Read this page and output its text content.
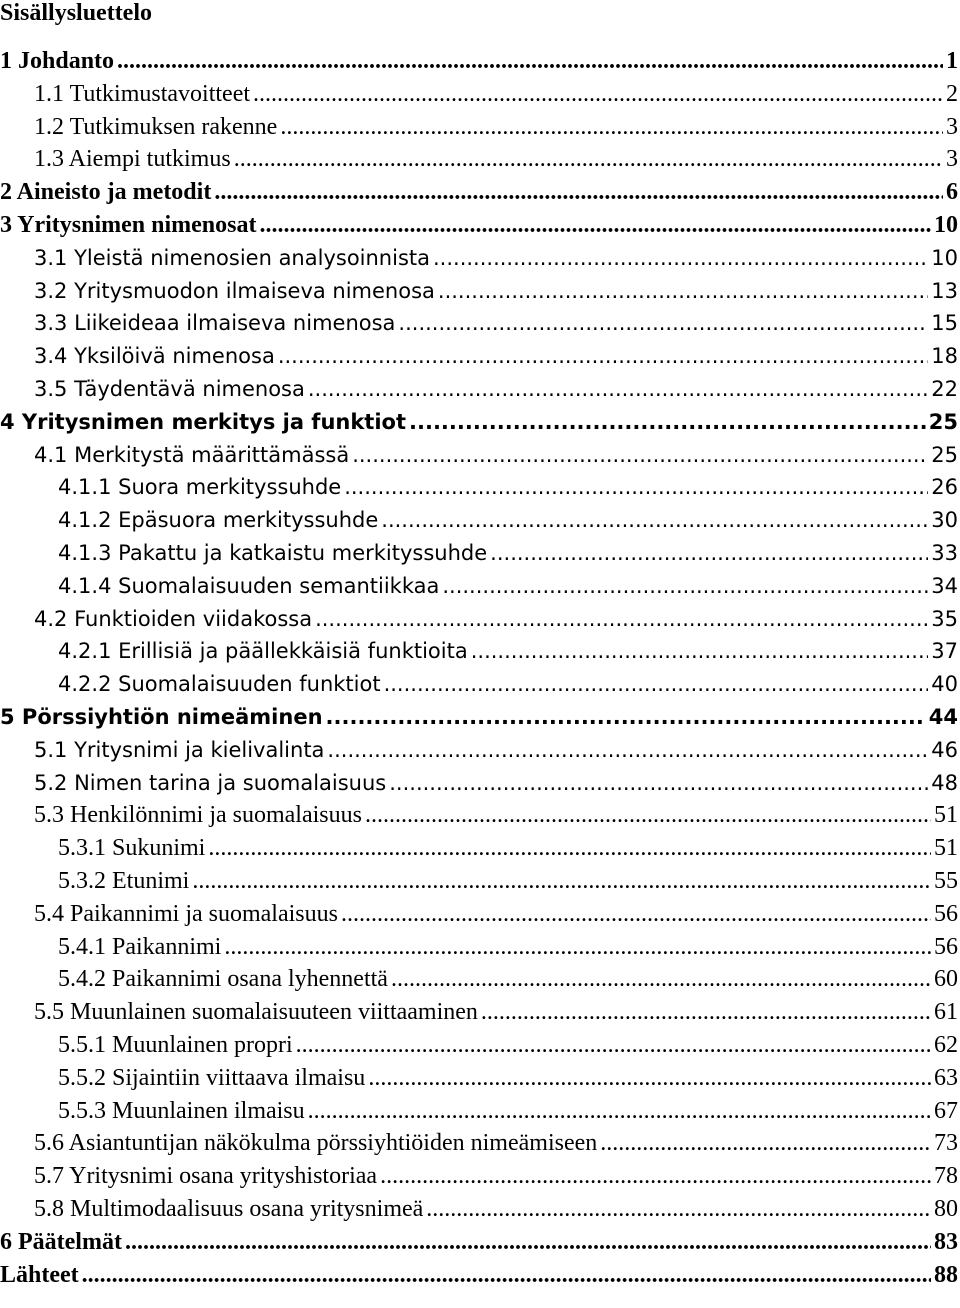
Sisällysluettelo
1 Johdanto .....	1
1.1 Tutkimustavoitteet .....	2
1.2 Tutkimuksen rakenne .....	3
1.3 Aiempi tutkimus .....	3
2 Aineisto ja metodit .....	6
3 Yritysnimen nimenosat .....	10
3.1 Yleistä nimenosien analysoinnista .....	10
3.2 Yritysmuodon ilmaiseva nimenosa .....	13
3.3 Liikeideaa ilmaiseva nimenosa .....	15
3.4 Yksilöivä nimenosa .....	18
3.5 Täydentävä nimenosa .....	22
4 Yritysnimen merkitys ja funktiot .....	25
4.1 Merkitystä määrittämässä .....	25
4.1.1 Suora merkityssuhde .....	26
4.1.2 Epäsuora merkityssuhde .....	30
4.1.3 Pakattu ja katkaistu merkityssuhde .....	33
4.1.4 Suomalaisuuden semantiikkaa .....	34
4.2 Funktioiden viidakossa .....	35
4.2.1 Erillisiä ja päällekkäisiä funktioita .....	37
4.2.2 Suomalaisuuden funktiot .....	40
5 Pörssiyhtiön nimeäminen .....	44
5.1 Yritysnimi ja kielivalinta .....	46
5.2 Nimen tarina ja suomalaisuus .....	48
5.3 Henkilönnimi ja suomalaisuus .....	51
5.3.1 Sukunimi .....	51
5.3.2 Etunimi .....	55
5.4 Paikannimi ja suomalaisuus .....	56
5.4.1 Paikannimi .....	56
5.4.2 Paikannimi osana lyhennettä .....	60
5.5 Muunlainen suomalaisuuteen viittaaminen .....	61
5.5.1 Muunlainen propri .....	62
5.5.2 Sijaintiin viittaava ilmaisu .....	63
5.5.3 Muunlainen ilmaisu .....	67
5.6 Asiantuntijan näkökulma pörssiyhtiöiden nimeämiseen .....	73
5.7 Yritysnimi osana yrityshistoriaa .....	78
5.8 Multimodaalisuus osana yritysnimeä .....	80
6 Päätelmät .....	83
Lähteet .....	88
